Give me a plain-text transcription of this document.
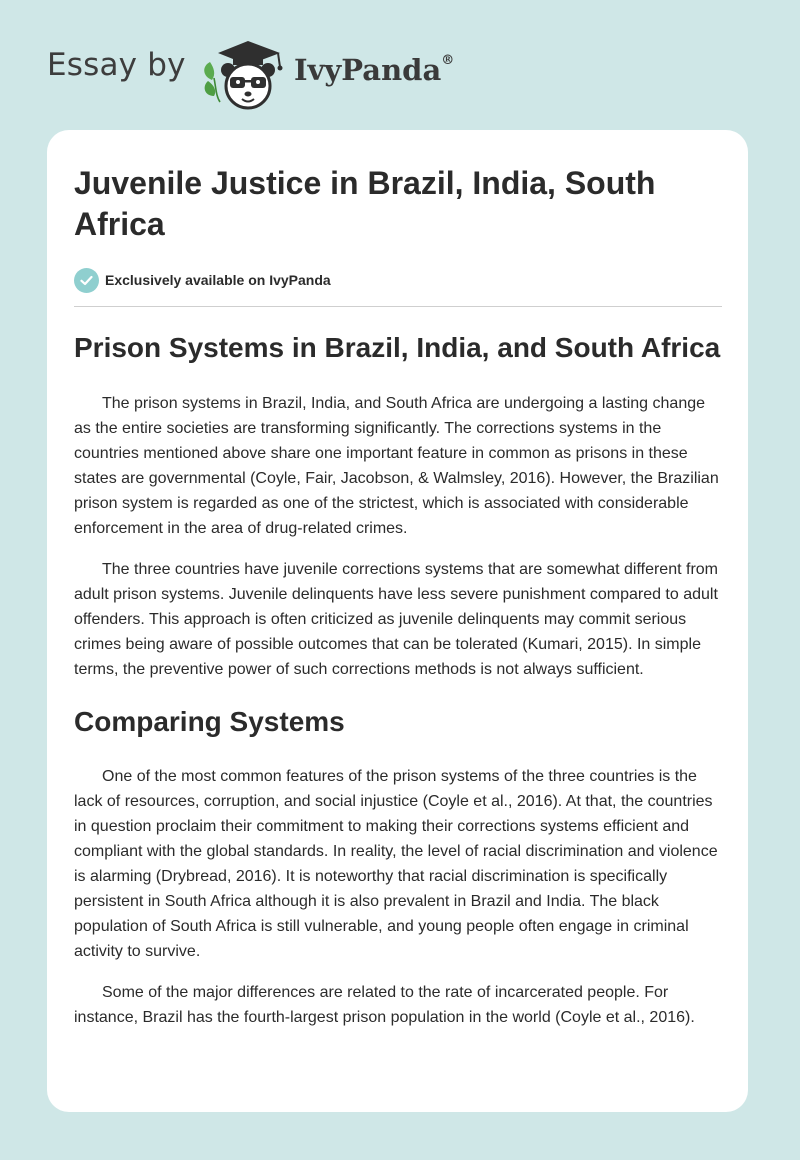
Essay by	IvyPanda®
Juvenile Justice in Brazil, India, South Africa
Exclusively available on IvyPanda
Prison Systems in Brazil, India, and South Africa

The prison systems in Brazil, India, and South Africa are undergoing a lasting change as the entire societies are transforming significantly. The corrections systems in the countries mentioned above share one important feature in common as prisons in these states are governmental (Coyle, Fair, Jacobson, & Walmsley, 2016). However, the Brazilian prison system is regarded as one of the strictest, which is associated with considerable enforcement in the area of drug-related crimes.

The three countries have juvenile corrections systems that are somewhat different from adult prison systems. Juvenile delinquents have less severe punishment compared to adult offenders. This approach is often criticized as juvenile delinquents may commit serious crimes being aware of possible outcomes that can be tolerated (Kumari, 2015). In simple terms, the preventive power of such corrections methods is not always sufficient.

Comparing Systems

One of the most common features of the prison systems of the three countries is the lack of resources, corruption, and social injustice (Coyle et al., 2016). At that, the countries in question proclaim their commitment to making their corrections systems efficient and compliant with the global standards. In reality, the level of racial discrimination and violence is alarming (Drybread, 2016). It is noteworthy that racial discrimination is specifically persistent in South Africa although it is also prevalent in Brazil and India. The black population of South Africa is still vulnerable, and young people often engage in criminal activity to survive.

Some of the major differences are related to the rate of incarcerated people. For instance, Brazil has the fourth-largest prison population in the world (Coyle et al., 2016).
